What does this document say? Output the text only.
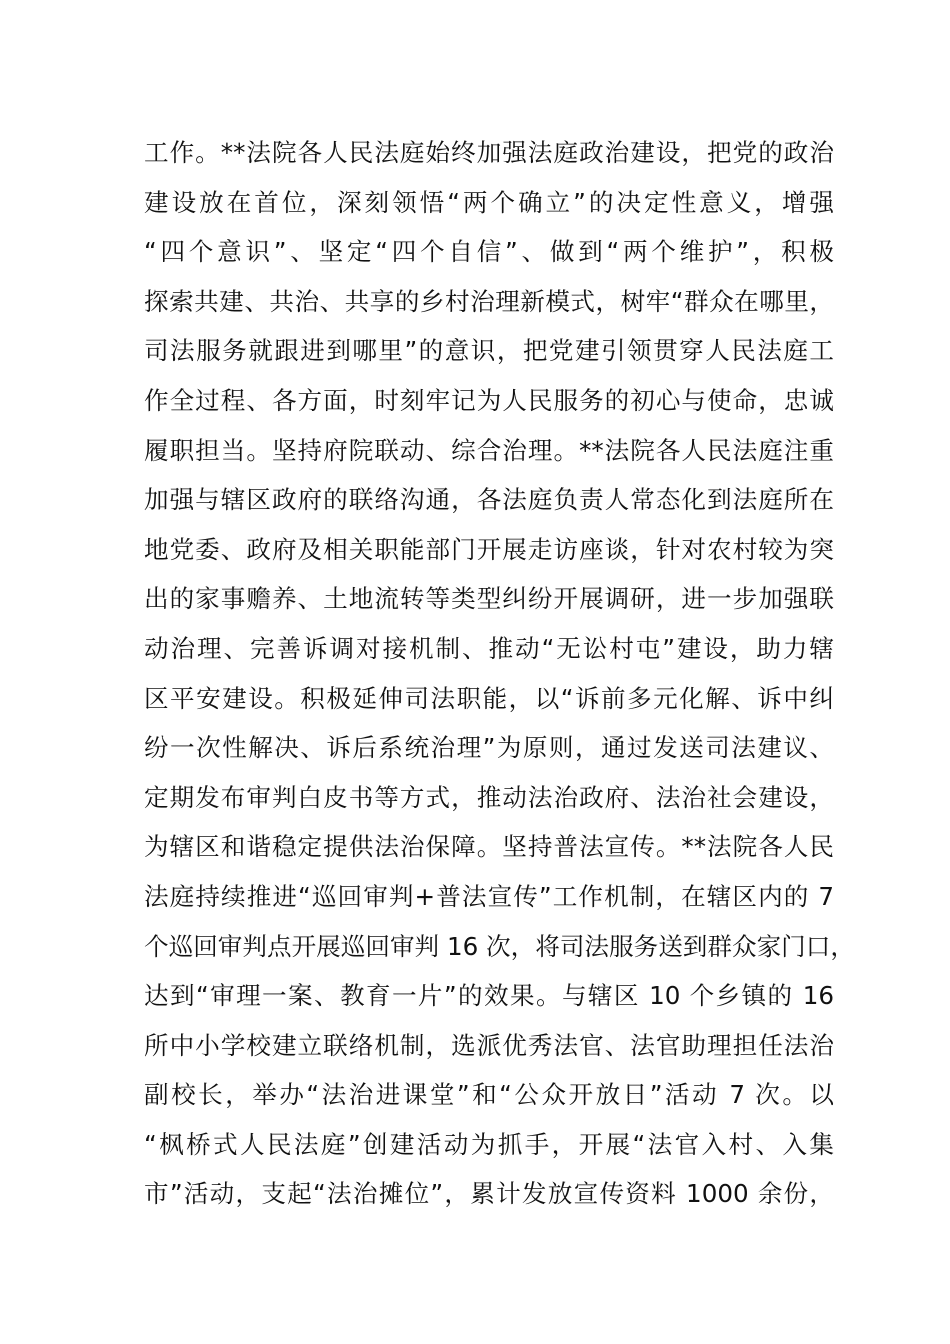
工作。**法院各人民法庭始终加强法庭政治建设，把党的政治
建设放在首位，深刻领悟“两个确立”的决定性意义，增强
“四个意识”、坚定“四个自信”、做到“两个维护”，积极
探索共建、共治、共享的乡村治理新模式，树牢“群众在哪里，
司法服务就跟进到哪里”的意识，把党建引领贯穿人民法庭工
作全过程、各方面，时刻牢记为人民服务的初心与使命，忠诚
履职担当。坚持府院联动、综合治理。**法院各人民法庭注重
加强与辖区政府的联络沟通，各法庭负责人常态化到法庭所在
地党委、政府及相关职能部门开展走访座谈，针对农村较为突
出的家事赡养、土地流转等类型纠纷开展调研，进一步加强联
动治理、完善诉调对接机制、推动“无讼村屯”建设，助力辖
区平安建设。积极延伸司法职能，以“诉前多元化解、诉中纠
纷一次性解决、诉后系统治理”为原则，通过发送司法建议、
定期发布审判白皮书等方式，推动法治政府、法治社会建设，
为辖区和谐稳定提供法治保障。坚持普法宣传。**法院各人民
法庭持续推进“巡回审判+普法宣传”工作机制，在辖区内的 7
个巡回审判点开展巡回审判 16 次，将司法服务送到群众家门口，
达到“审理一案、教育一片”的效果。与辖区 10 个乡镇的 16
所中小学校建立联络机制，选派优秀法官、法官助理担任法治
副校长，举办“法治进课堂”和“公众开放日”活动 7 次。以
“枫桥式人民法庭”创建活动为抓手，开展“法官入村、入集
市”活动，支起“法治摊位”，累计发放宣传资料 1000 余份，
